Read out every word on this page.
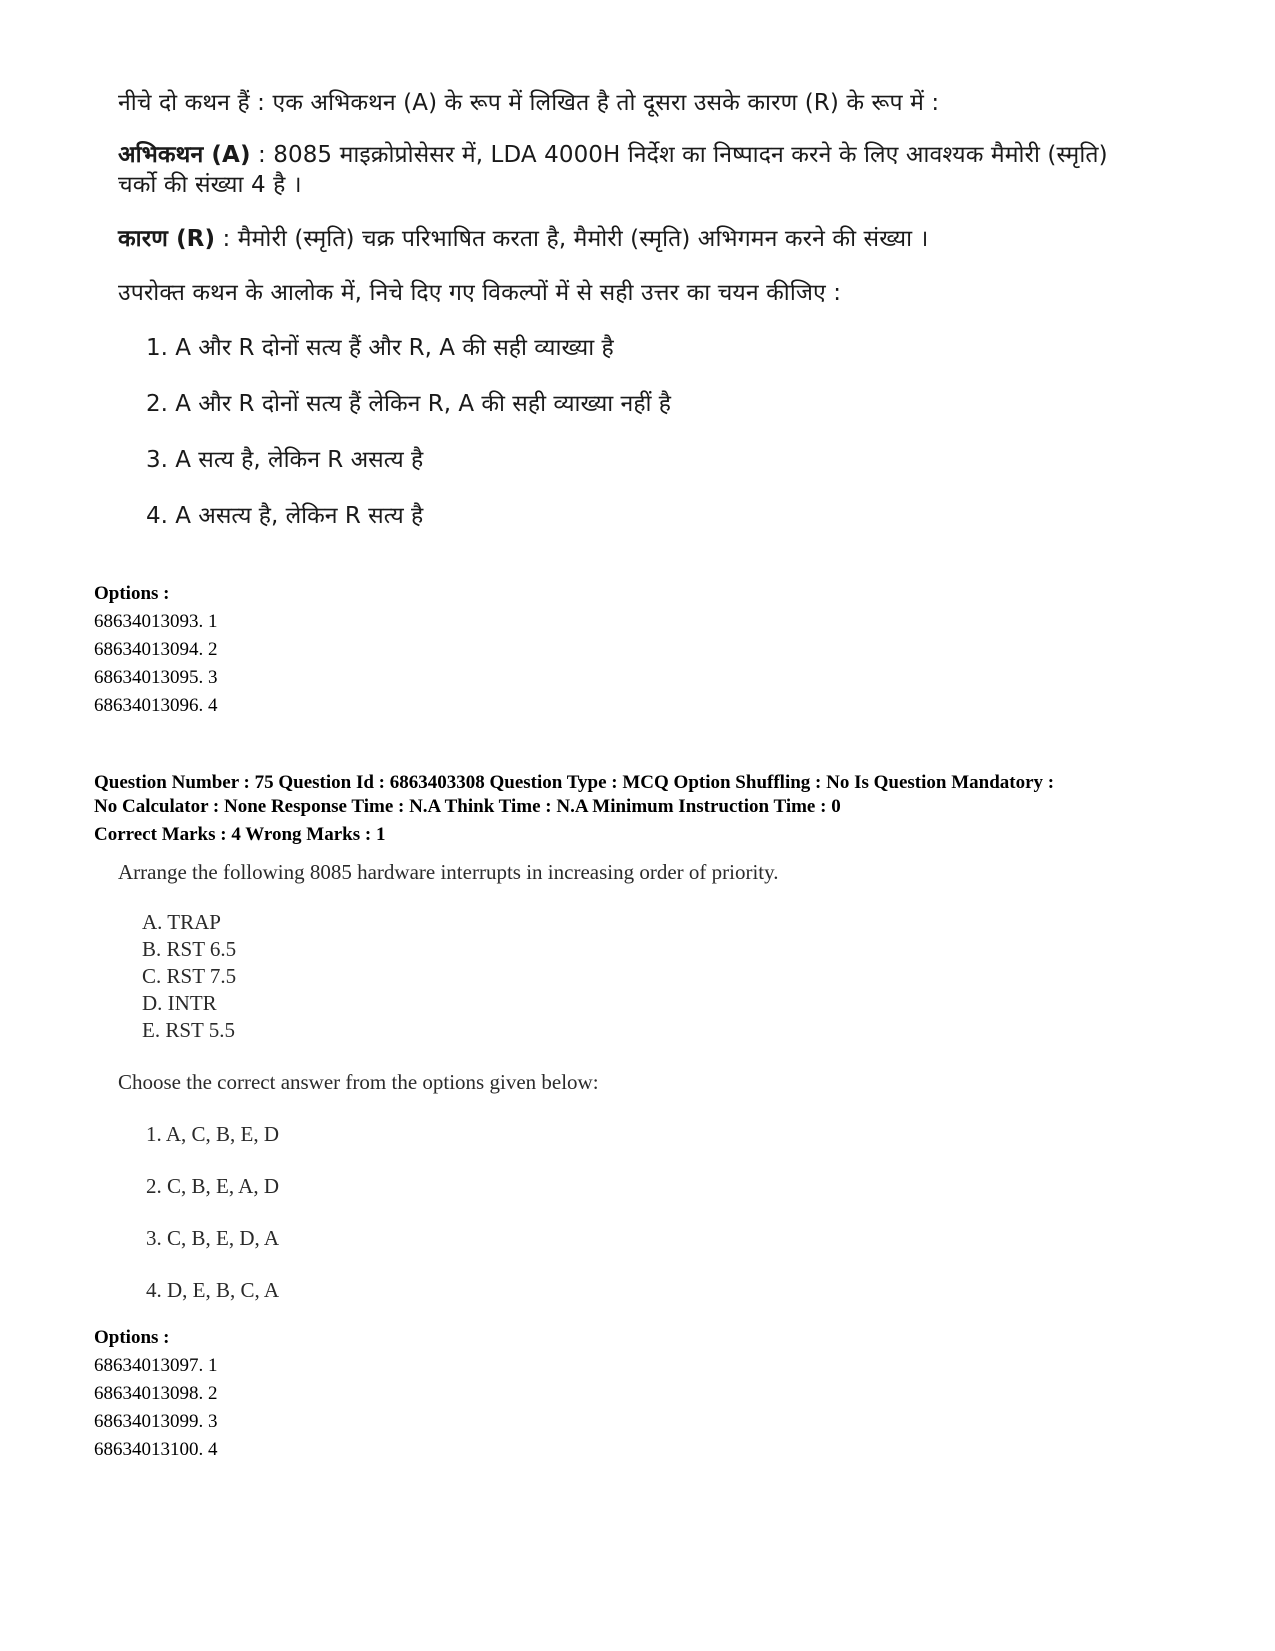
नीचे दो कथन हैं : एक अभिकथन (A) के रूप में लिखित है तो दूसरा उसके कारण (R) के रूप में :

अभिकथन (A) : 8085 माइक्रोप्रोसेसर में, LDA 4000H निर्देश का निष्पादन करने के लिए आवश्यक मैमोरी (स्मृति)

चर्को की संख्या 4 है ।

कारण (R) : मैमोरी (स्मृति) चक्र परिभाषित करता है, मैमोरी (स्मृति) अभिगमन करने की संख्या ।

उपरोक्त कथन के आलोक में, निचे दिए गए विकल्पों में से सही उत्तर का चयन कीजिए :

1. A और R दोनों सत्य हैं और R, A की सही व्याख्या है

2. A और R दोनों सत्य हैं लेकिन R, A की सही व्याख्या नहीं है

3. A सत्य है, लेकिन R असत्य है

4. A असत्य है, लेकिन R सत्य है

Options :
68634013093. 1
68634013094. 2
68634013095. 3
68634013096. 4
Question Number : 75 Question Id : 6863403308 Question Type : MCQ Option Shuffling : No Is Question Mandatory :
No Calculator : None Response Time : N.A Think Time : N.A Minimum Instruction Time : 0
Correct Marks : 4 Wrong Marks : 1

Arrange the following 8085 hardware interrupts in increasing order of priority.

A. TRAP

B. RST 6.5

C. RST 7.5

D. INTR

E. RST 5.5

Choose the correct answer from the options given below:

1. A, C, B, E, D

2. C, B, E, A, D

3. C, B, E, D, A

4. D, E, B, C, A

Options :
68634013097. 1
68634013098. 2
68634013099. 3
68634013100. 4
